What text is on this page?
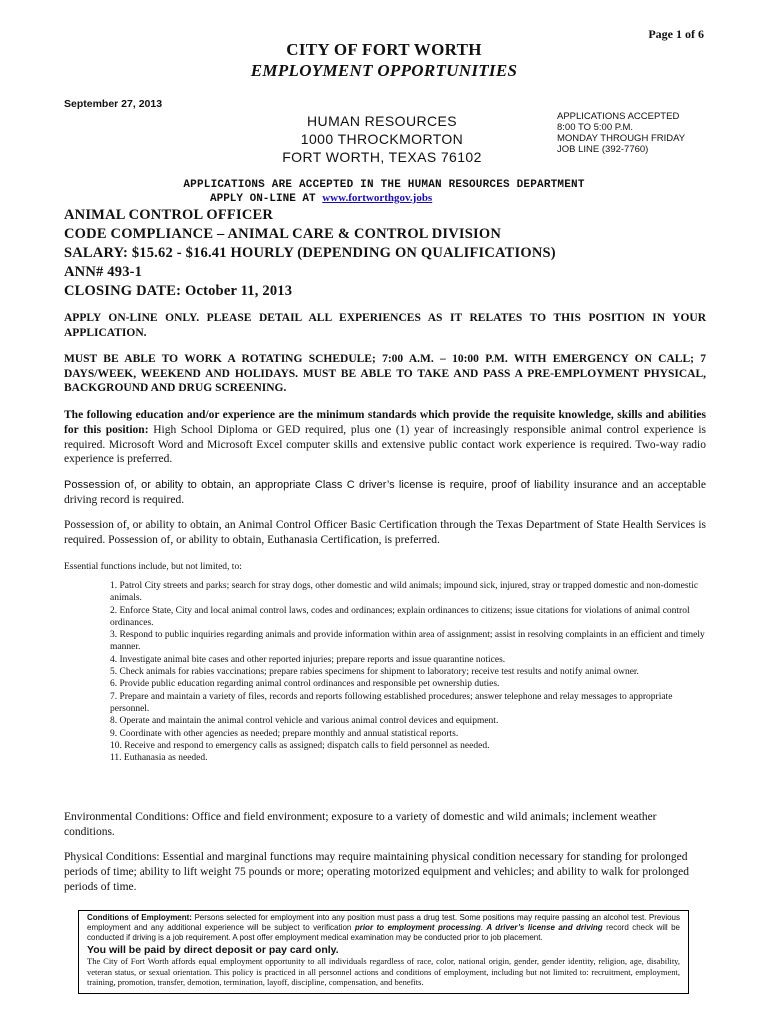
Page 1 of 6
CITY OF FORT WORTH
EMPLOYMENT OPPORTUNITIES
September 27, 2013
HUMAN RESOURCES
1000 THROCKMORTON
FORT WORTH, TEXAS 76102
APPLICATIONS ACCEPTED
8:00 TO 5:00 P.M.
MONDAY THROUGH FRIDAY
JOB LINE (392-7760)
APPLICATIONS ARE ACCEPTED IN THE HUMAN RESOURCES DEPARTMENT
APPLY ON-LINE AT www.fortworthgov.jobs
ANIMAL CONTROL OFFICER
CODE COMPLIANCE – ANIMAL CARE & CONTROL DIVISION
SALARY: $15.62 - $16.41 HOURLY (DEPENDING ON QUALIFICATIONS)
ANN# 493-1
CLOSING DATE: October 11, 2013
APPLY ON-LINE ONLY. PLEASE DETAIL ALL EXPERIENCES AS IT RELATES TO THIS POSITION IN YOUR APPLICATION.
MUST BE ABLE TO WORK A ROTATING SCHEDULE; 7:00 A.M. – 10:00 P.M. WITH EMERGENCY ON CALL; 7 DAYS/WEEK, WEEKEND AND HOLIDAYS. MUST BE ABLE TO TAKE AND PASS A PRE-EMPLOYMENT PHYSICAL, BACKGROUND AND DRUG SCREENING.
The following education and/or experience are the minimum standards which provide the requisite knowledge, skills and abilities for this position: High School Diploma or GED required, plus one (1) year of increasingly responsible animal control experience is required. Microsoft Word and Microsoft Excel computer skills and extensive public contact work experience is required. Two-way radio experience is preferred.
Possession of, or ability to obtain, an appropriate Class C driver’s license is require, proof of liability insurance and an acceptable driving record is required.
Possession of, or ability to obtain, an Animal Control Officer Basic Certification through the Texas Department of State Health Services is required. Possession of, or ability to obtain, Euthanasia Certification, is preferred.
Essential functions include, but not limited, to:
1. Patrol City streets and parks; search for stray dogs, other domestic and wild animals; impound sick, injured, stray or trapped domestic and non-domestic animals.
2. Enforce State, City and local animal control laws, codes and ordinances; explain ordinances to citizens; issue citations for violations of animal control ordinances.
3. Respond to public inquiries regarding animals and provide information within area of assignment; assist in resolving complaints in an efficient and timely manner.
4. Investigate animal bite cases and other reported injuries; prepare reports and issue quarantine notices.
5. Check animals for rabies vaccinations; prepare rabies specimens for shipment to laboratory; receive test results and notify animal owner.
6. Provide public education regarding animal control ordinances and responsible pet ownership duties.
7. Prepare and maintain a variety of files, records and reports following established procedures; answer telephone and relay messages to appropriate personnel.
8. Operate and maintain the animal control vehicle and various animal control devices and equipment.
9. Coordinate with other agencies as needed; prepare monthly and annual statistical reports.
10. Receive and respond to emergency calls as assigned; dispatch calls to field personnel as needed.
11. Euthanasia as needed.
Environmental Conditions: Office and field environment; exposure to a variety of domestic and wild animals; inclement weather conditions.
Physical Conditions: Essential and marginal functions may require maintaining physical condition necessary for standing for prolonged periods of time; ability to lift weight 75 pounds or more; operating motorized equipment and vehicles; and ability to walk for prolonged periods of time.
Conditions of Employment: Persons selected for employment into any position must pass a drug test. Some positions may require passing an alcohol test. Previous employment and any additional experience will be subject to verification prior to employment processing. A driver’s license and driving record check will be conducted if driving is a job requirement. A post offer employment medical examination may be conducted prior to job placement.
You will be paid by direct deposit or pay card only.
The City of Fort Worth affords equal employment opportunity to all individuals regardless of race, color, national origin, gender, gender identity, religion, age, disability, veteran status, or sexual orientation. This policy is practiced in all personnel actions and conditions of employment, including but not limited to: recruitment, employment, training, promotion, transfer, demotion, termination, layoff, discipline, compensation, and benefits.
